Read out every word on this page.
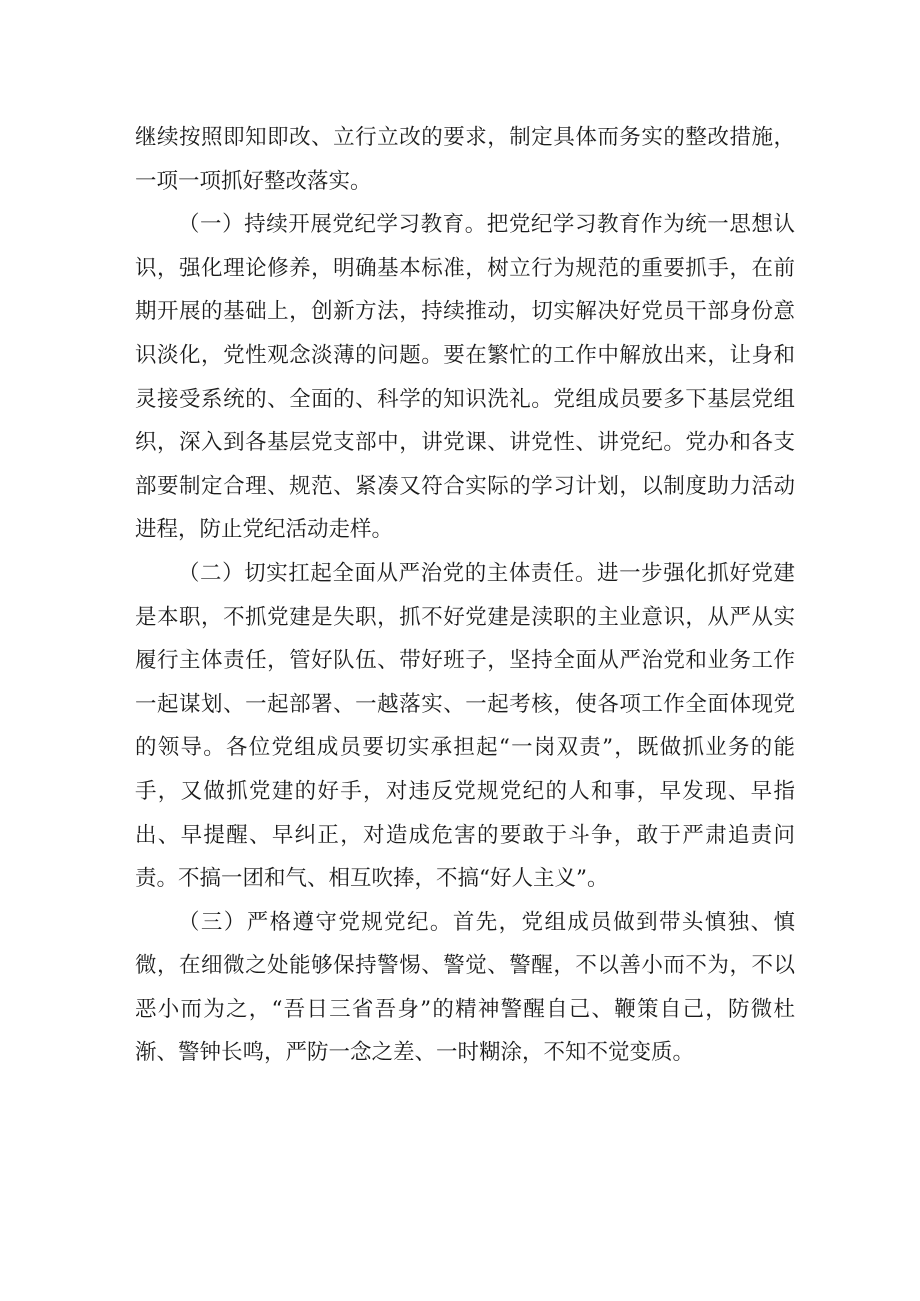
继续按照即知即改、立行立改的要求，制定具体而务实的整改措施，一项一项抓好整改落实。

（一）持续开展党纪学习教育。把党纪学习教育作为统一思想认识，强化理论修养，明确基本标准，树立行为规范的重要抓手，在前期开展的基础上，创新方法，持续推动，切实解决好党员干部身份意识淡化，党性观念淡薄的问题。要在繁忙的工作中解放出来，让身和灵接受系统的、全面的、科学的知识洗礼。党组成员要多下基层党组织，深入到各基层党支部中，讲党课、讲党性、讲党纪。党办和各支部要制定合理、规范、紧凑又符合实际的学习计划，以制度助力活动进程，防止党纪活动走样。

（二）切实扛起全面从严治党的主体责任。进一步强化抓好党建是本职，不抓党建是失职，抓不好党建是渎职的主业意识，从严从实履行主体责任，管好队伍、带好班子，坚持全面从严治党和业务工作一起谋划、一起部署、一越落实、一起考核，使各项工作全面体现党的领导。各位党组成员要切实承担起“一岗双责”，既做抓业务的能手，又做抓党建的好手，对违反党规党纪的人和事，早发现、早指出、早提醒、早纠正，对造成危害的要敢于斗争，敢于严肃追责问责。不搞一团和气、相互吹捧，不搞“好人主义”。

（三）严格遵守党规党纪。首先，党组成员做到带头慎独、慎微，在细微之处能够保持警惕、警觉、警醒，不以善小而不为，不以恶小而为之，“吾日三省吾身”的精神警醒自己、鞭策自己，防微杜渐、警钟长鸣，严防一念之差、一时糊涂，不知不觉变质。
